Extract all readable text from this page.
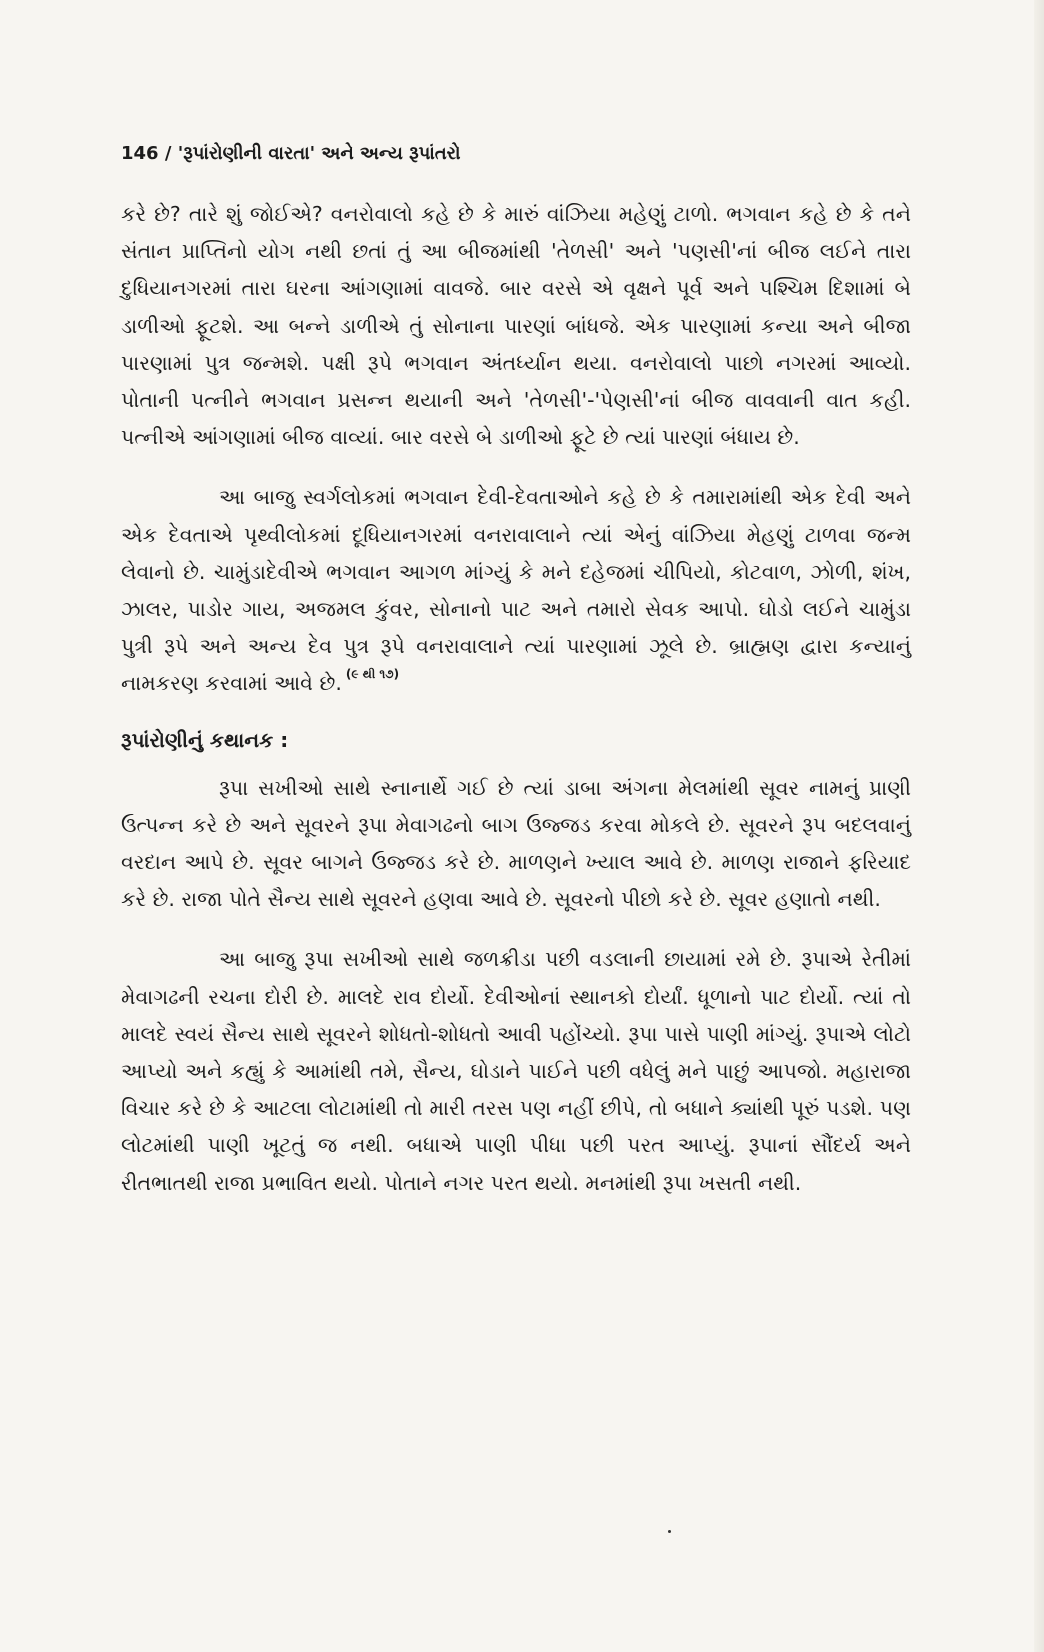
146 / 'રૂપાંરોણીની વારતા' અને અન્ય રૂપાંતરો

કરે છે? તારે શું જોઈએ? વનરોવાલો કહે છે કે મારું વાંઝિયા મહેણું ટાળો. ભગવાન કહે છે કે તને સંતાન પ્રાપ્તિનો યોગ નથી છતાં તું આ બીજમાંથી 'તેળસી' અને 'પણસી'નાં બીજ લઈને તારા દુધિયાનગરમાં તારા ઘરના આંગણામાં વાવજે. બાર વરસે એ વૃક્ષને પૂર્વ અને પશ્ચિમ દિશામાં બે ડાળીઓ ફૂટશે. આ બન્ને ડાળીએ તું સોનાના પારણાં બાંધજે. એક પારણામાં કન્યા અને બીજા પારણામાં પુત્ર જન્મશે. પક્ષી રૂપે ભગવાન અંતર્ધ્યાન થયા. વનરોવાલો પાછો નગરમાં આવ્યો. પોતાની પત્નીને ભગવાન પ્રસન્ન થયાની અને 'તેળસી'-'પેણસી'નાં બીજ વાવવાની વાત કહી. પત્નીએ આંગણામાં બીજ વાવ્યાં. બાર વરસે બે ડાળીઓ ફૂટે છે ત્યાં પારણાં બંધાય છે.

આ બાજુ સ્વર્ગલોકમાં ભગવાન દેવી-દેવતાઓને કહે છે કે તમારામાંથી એક દેવી અને એક દેવતાએ પૃથ્વીલોકમાં દૂધિયાનગરમાં વનરાવાલાને ત્યાં એનું વાંઝિયા મેહણું ટાળવા જન્મ લેવાનો છે. ચામુંડાદેવીએ ભગવાન આગળ માંગ્યું કે મને દહેજમાં ચીપિયો, કોટવાળ, ઝોળી, શંખ, ઝાલર, પાડોર ગાય, અજમલ કુંવર, સોનાનો પાટ અને તમારો સેવક આપો. ઘોડો લઈને ચામુંડા પુત્રી રૂપે અને અન્ય દેવ પુત્ર રૂપે વનરાવાલાને ત્યાં પારણામાં ઝૂલે છે. બ્રાહ્મણ દ્વારા કન્યાનું નામકરણ કરવામાં આવે છે. $^{(૯ થી ૧૭)}$

રૂપાંરોણીનું કથાનક :

રૂપા સખીઓ સાથે સ્નાનાર્થે ગઈ છે ત્યાં ડાબા અંગના મેલમાંથી સૂવર નામનું પ્રાણી ઉત્પન્ન કરે છે અને સૂવરને રૂપા મેવાગઢનો બાગ ઉજ્જડ કરવા મોકલે છે. સૂવરને રૂપ બદલવાનું વરદાન આપે છે. સૂવર બાગને ઉજ્જડ કરે છે. માળણને ખ્યાલ આવે છે. માળણ રાજાને ફરિયાદ કરે છે. રાજા પોતે સૈન્ય સાથે સૂવરને હણવા આવે છે. સૂવરનો પીછો કરે છે. સૂવર હણાતો નથી.

આ બાજુ રૂપા સખીઓ સાથે જળક્રીડા પછી વડલાની છાયામાં રમે છે. રૂપાએ રેતીમાં મેવાગઢની રચના દોરી છે. માલદે રાવ દોર્યો. દેવીઓનાં સ્થાનકો દોર્યાં. ધૂળાનો પાટ દોર્યો. ત્યાં તો માલદે સ્વયં સૈન્ય સાથે સૂવરને શોધતો-શોધતો આવી પહોંચ્યો. રૂપા પાસે પાણી માંગ્યું. રૂપાએ લોટો આપ્યો અને કહ્યું કે આમાંથી તમે, સૈન્ય, ઘોડાને પાઈને પછી વધેલું મને પાછું આપજો. મહારાજા વિચાર કરે છે કે આટલા લોટામાંથી તો મારી તરસ પણ નહીં છીપે, તો બધાને ક્યાંથી પૂરું પડશે. પણ લોટમાંથી પાણી ખૂટતું જ નથી. બધાએ પાણી પીધા પછી પરત આપ્યું. રૂપાનાં સૌંદર્ય અને રીતભાતથી રાજા પ્રભાવિત થયો. પોતાને નગર પરત થયો. મનમાંથી રૂપા ખસતી નથી.
